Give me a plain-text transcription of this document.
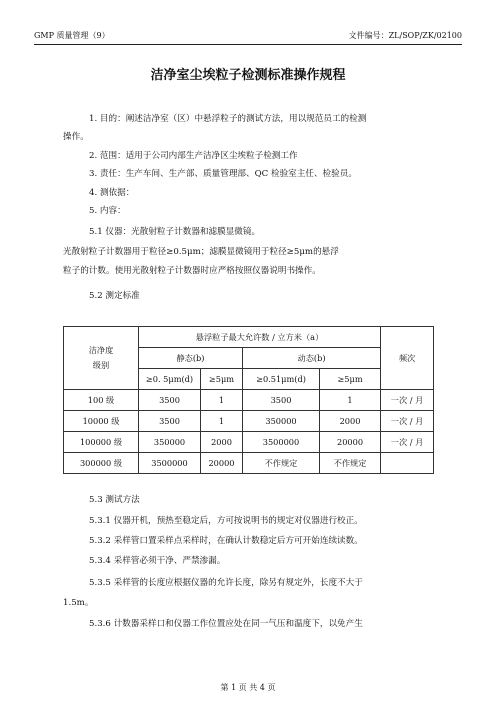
GMP 质量管理（9）	文件编号：ZL/SOP/ZK/02100
洁净室尘埃粒子检测标准操作规程
1. 目的：阐述洁净室（区）中悬浮粒子的测试方法，用以规范员工的检测
操作。
2. 范围：适用于公司内部生产洁净区尘埃粒子检测工作
3. 责任：生产车间、生产部、质量管理部、QC 检验室主任、检验员。
4. 测依据：
5. 内容：
5.1 仪器：光散射粒子计数器和滤膜显微镜。
光散射粒子计数器用于粒径≥0.5μm；滤膜显微镜用于粒径≥5μm的悬浮
粒子的计数。使用光散射粒子计数器时应严格按照仪器说明书操作。
5.2 测定标准
洁净度
级别	悬浮粒子最大允许数 / 立方米（a）				频次
	静态(b)		动态(b)		
	≥0. 5μm(d)	≥5μm	≥0.51μm(d)	≥5μm	
100 级	3500	1	3500	1	一次 / 月
10000 级	3500	1	350000	2000	一次 / 月
100000 级	350000	2000	3500000	20000	一次 / 月
300000 级	3500000	20000	不作规定	不作规定	
5.3 测试方法
5.3.1 仪器开机，预热至稳定后，方可按说明书的规定对仪器进行校正。
5.3.2 采样管口置采样点采样时，在确认计数稳定后方可开始连续读数。
5.3.4 采样管必须干净、严禁渗漏。
5.3.5 采样管的长度应根据仪器的允许长度，除另有规定外，长度不大于
1.5m。
5.3.6 计数器采样口和仪器工作位置应处在同一气压和温度下，以免产生
第 1 页 共 4 页
